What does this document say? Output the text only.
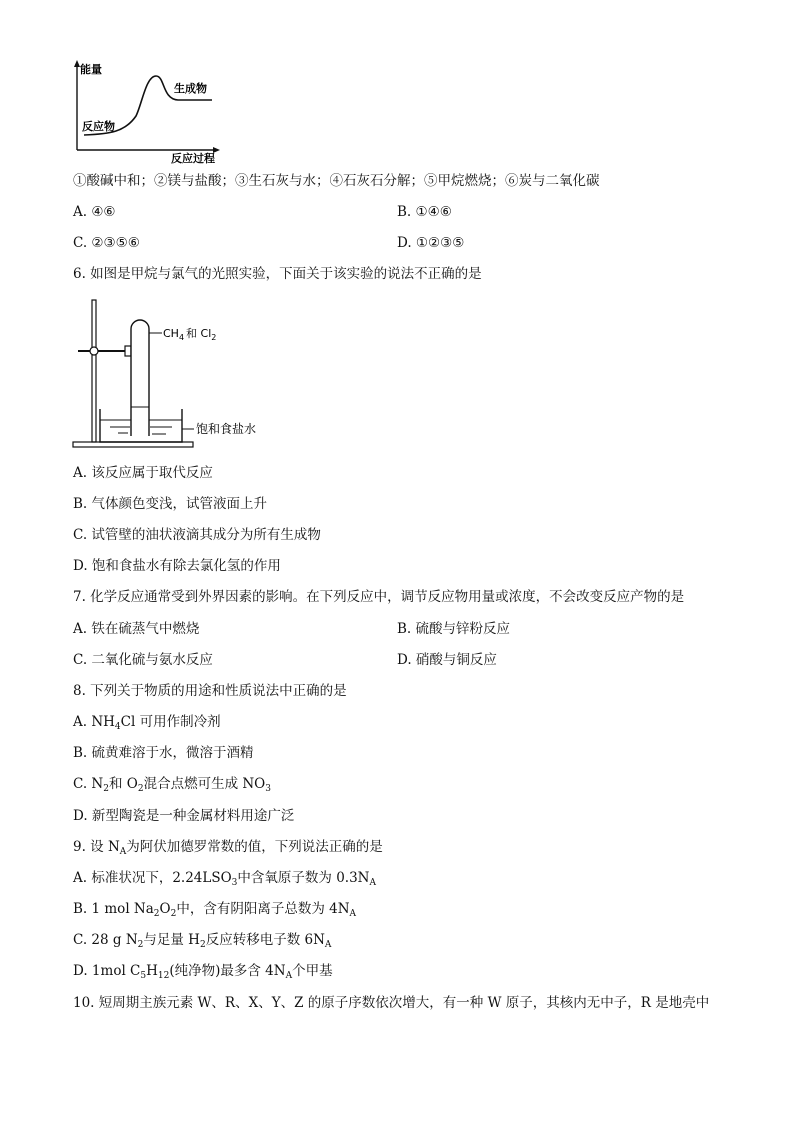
能量
生成物
反应物
反应过程
①酸碱中和；②镁与盐酸；③生石灰与水；④石灰石分解；⑤甲烷燃烧；⑥炭与二氧化碳
A. ④⑥	B. ①④⑥
C. ②③⑤⑥	D. ①②③⑤
6. 如图是甲烷与氯气的光照实验，下面关于该实验的说法不正确的是
$CH_4$ 和 $Cl_2$
饱和食盐水
A. 该反应属于取代反应
B. 气体颜色变浅，试管液面上升
C. 试管壁的油状液滴其成分为所有生成物
D. 饱和食盐水有除去氯化氢的作用
7. 化学反应通常受到外界因素的影响。在下列反应中，调节反应物用量或浓度，不会改变反应产物的是
A. 铁在硫蒸气中燃烧	B. 硫酸与锌粉反应
C. 二氧化硫与氨水反应	D. 硝酸与铜反应
8. 下列关于物质的用途和性质说法中正确的是
A. $NH_4Cl$ 可用作制冷剂
B. 硫黄难溶于水，微溶于酒精
C. $N_2$和 $O_2$混合点燃可生成 $NO_3$
D. 新型陶瓷是一种金属材料用途广泛
9. 设 $N_A$为阿伏加德罗常数的值，下列说法正确的是
A. 标准状况下，$2.24LSO_3$中含氧原子数为 $0.3N_A$
B. 1 mol $Na_2O_2$中，含有阴阳离子总数为 $4N_A$
C. 28 g $N_2$与足量 $H_2$反应转移电子数 $6N_A$
D. 1mol $C_5H_{12}$(纯净物)最多含 $4N_A$个甲基
10. 短周期主族元素 W、R、X、Y、Z 的原子序数依次增大，有一种 W 原子，其核内无中子，R 是地壳中
